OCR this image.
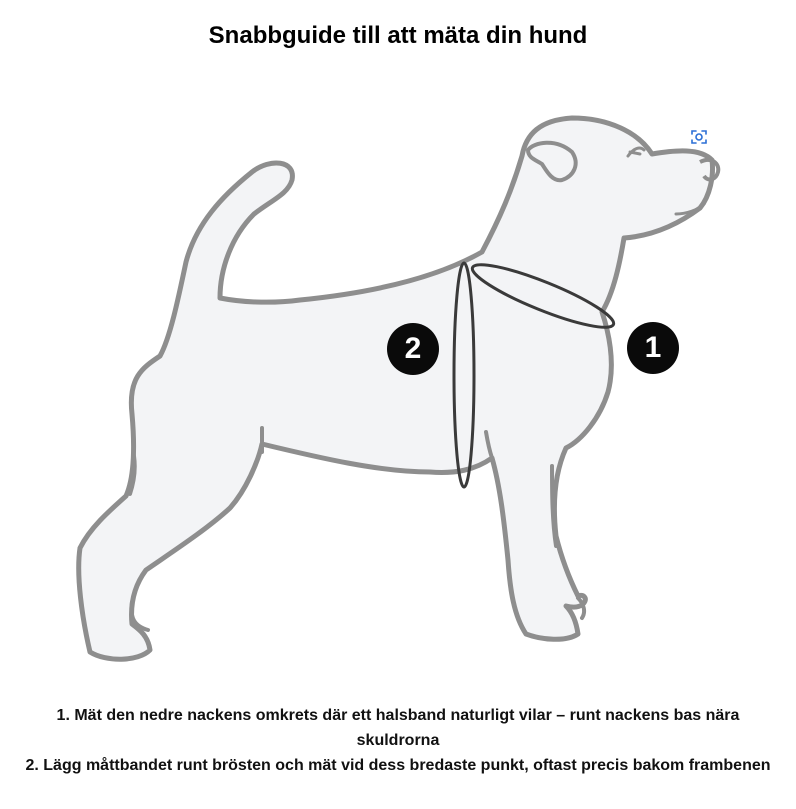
Snabbguide till att mäta din hund
1
2

1. Mät den nedre nackens omkrets där ett halsband naturligt vilar – runt nackens bas nära skuldrorna

2. Lägg måttbandet runt brösten och mät vid dess bredaste punkt, oftast precis bakom frambenen
